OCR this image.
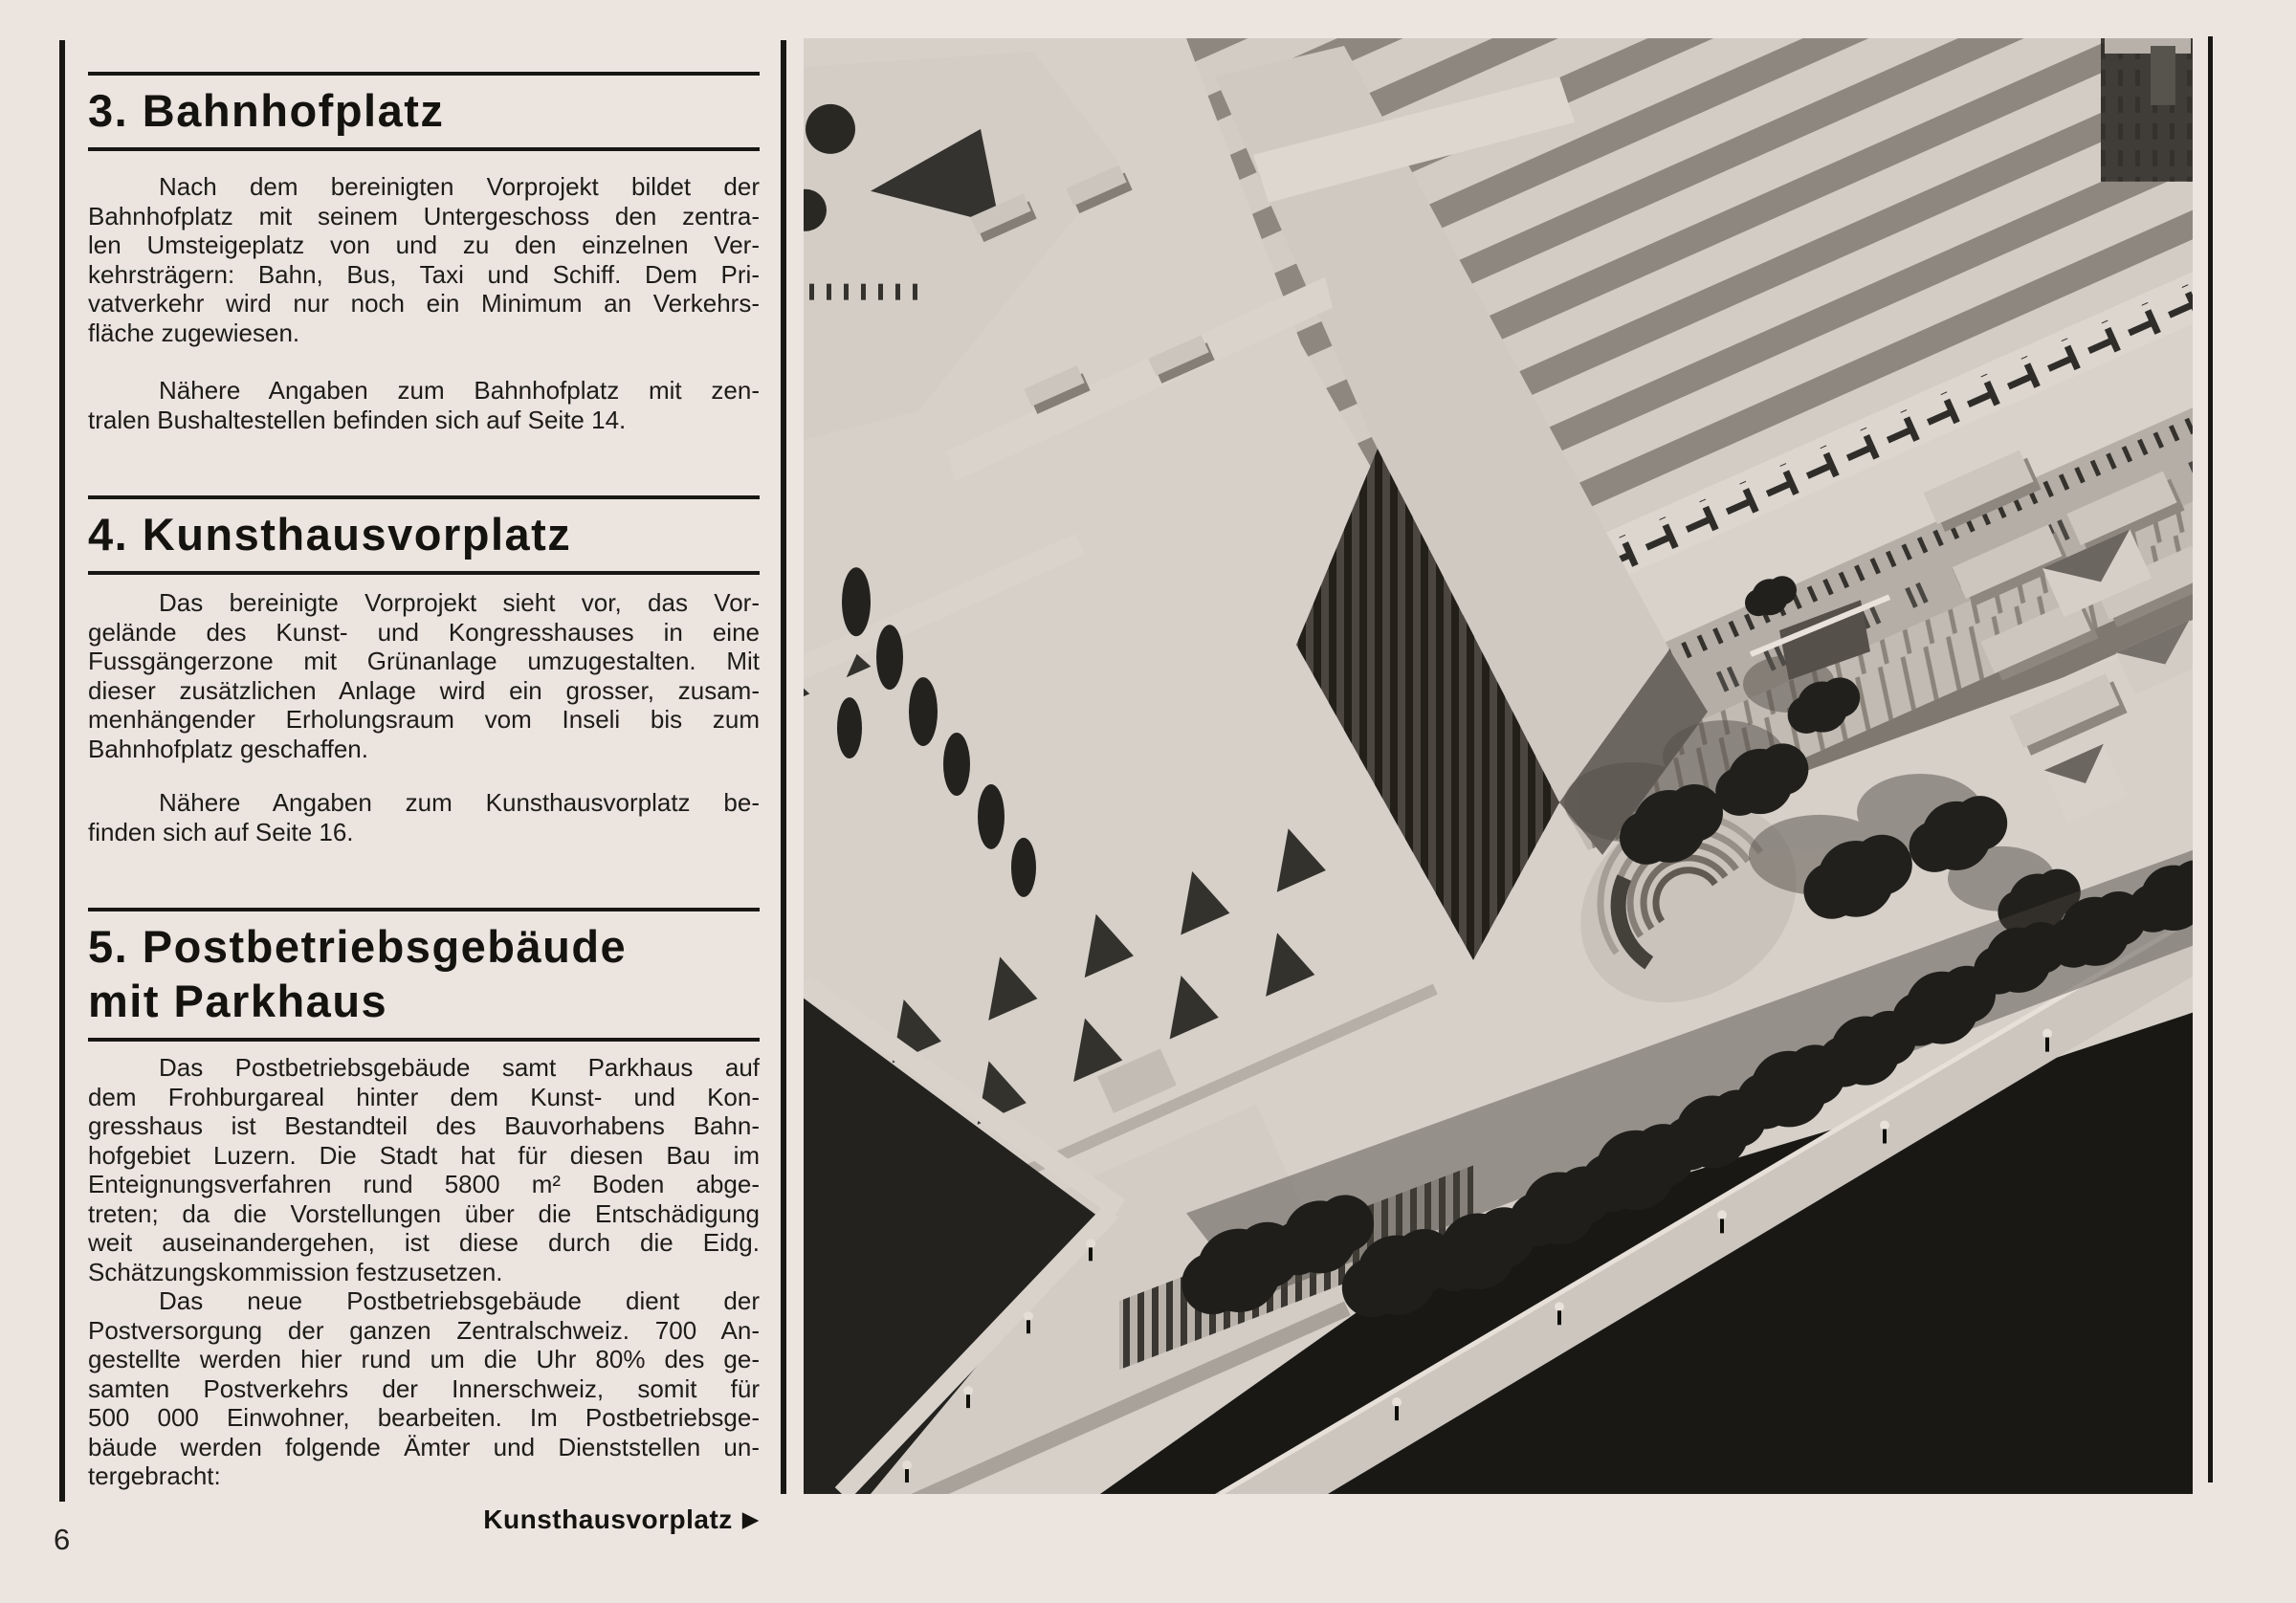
3. Bahnhofplatz
Nach dem bereinigten Vorprojekt bildet der
Bahnhofplatz mit seinem Untergeschoss den zentra-
len Umsteigeplatz von und zu den einzelnen Ver-
kehrsträgern: Bahn, Bus, Taxi und Schiff. Dem Pri-
vatverkehr wird nur noch ein Minimum an Verkehrs-
fläche zugewiesen.
Nähere Angaben zum Bahnhofplatz mit zen-
tralen Bushaltestellen befinden sich auf Seite 14.
4. Kunsthausvorplatz
Das bereinigte Vorprojekt sieht vor, das Vor-
gelände des Kunst- und Kongresshauses in eine
Fussgängerzone mit Grünanlage umzugestalten. Mit
dieser zusätzlichen Anlage wird ein grosser, zusam-
menhängender Erholungsraum vom Inseli bis zum
Bahnhofplatz geschaffen.
Nähere Angaben zum Kunsthausvorplatz be-
finden sich auf Seite 16.
5. Postbetriebsgebäude
mit Parkhaus
Das Postbetriebsgebäude samt Parkhaus auf
dem Frohburgareal hinter dem Kunst- und Kon-
gresshaus ist Bestandteil des Bauvorhabens Bahn-
hofgebiet Luzern. Die Stadt hat für diesen Bau im
Enteignungsverfahren rund 5800 m² Boden abge-
treten; da die Vorstellungen über die Entschädigung
weit auseinandergehen, ist diese durch die Eidg.
Schätzungskommission festzusetzen.
Das neue Postbetriebsgebäude dient der
Postversorgung der ganzen Zentralschweiz. 700 An-
gestellte werden hier rund um die Uhr 80% des ge-
samten Postverkehrs der Innerschweiz, somit für
500 000 Einwohner, bearbeiten. Im Postbetriebsge-
bäude werden folgende Ämter und Dienststellen un-
tergebracht:
Kunsthausvorplatz ▶
6
